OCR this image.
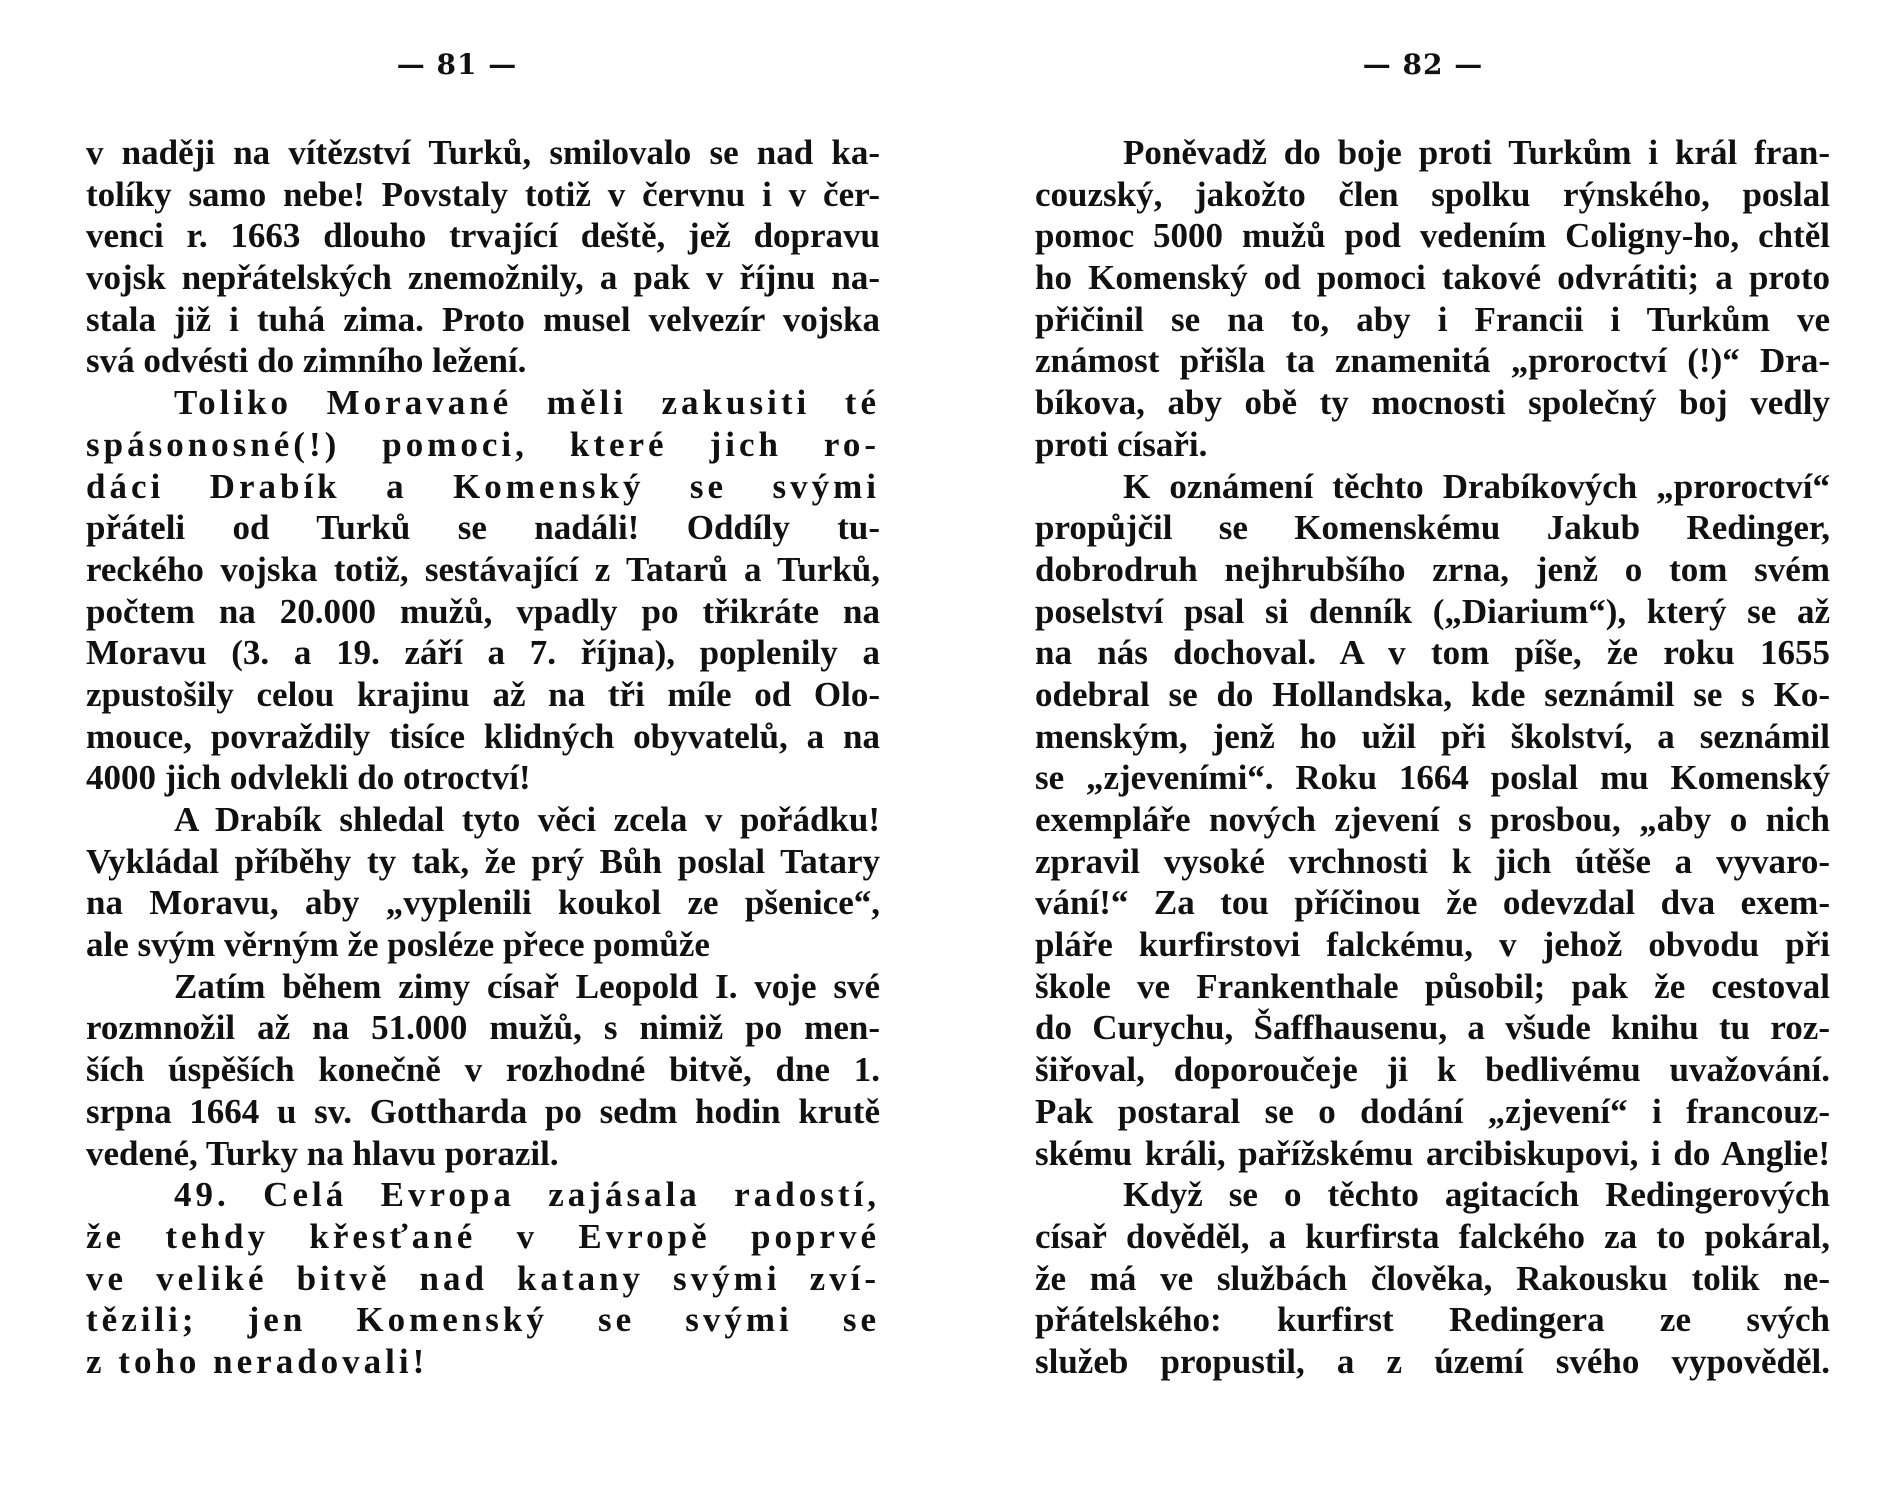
— 81 —
v naději na vítězství Turků, smilovalo se nad ka-
tolíky samo nebe! Povstaly totiž v červnu i v čer-
venci r. 1663 dlouho trvající deště, jež dopravu
vojsk nepřátelských znemožnily, a pak v říjnu na-
stala již i tuhá zima. Proto musel velvezír vojska
svá odvésti do zimního ležení.
Toliko Moravané měli zakusiti té
spásonosné(!) pomoci, které jich ro-
dáci Drabík a Komenský se svými
přáteli od Turků se nadáli! Oddíly tu-
reckého vojska totiž, sestávající z Tatarů a Turků,
počtem na 20.000 mužů, vpadly po třikráte na
Moravu (3. a 19. září a 7. října), poplenily a
zpustošily celou krajinu až na tři míle od Olo-
mouce, povraždily tisíce klidných obyvatelů, a na
4000 jich odvlekli do otroctví!
A Drabík shledal tyto věci zcela v pořádku!
Vykládal příběhy ty tak, že prý Bůh poslal Tatary
na Moravu, aby „vyplenili koukol ze pšenice“,
ale svým věrným že posléze přece pomůže
Zatím během zimy císař Leopold I. voje své
rozmnožil až na 51.000 mužů, s nimiž po men-
ších úspěších konečně v rozhodné bitvě, dne 1.
srpna 1664 u sv. Gottharda po sedm hodin krutě
vedené, Turky na hlavu porazil.
49. Celá Evropa zajásala radostí,
že tehdy křesťané v Evropě poprvé
ve veliké bitvě nad katany svými zví-
tězili; jen Komenský se svými se
z toho neradovali!
— 82 —
Poněvadž do boje proti Turkům i král fran-
couzský, jakožto člen spolku rýnského, poslal
pomoc 5000 mužů pod vedením Coligny-ho, chtěl
ho Komenský od pomoci takové odvrátiti; a proto
přičinil se na to, aby i Francii i Turkům ve
známost přišla ta znamenitá „proroctví (!)“ Dra-
bíkova, aby obě ty mocnosti společný boj vedly
proti císaři.
K oznámení těchto Drabíkových „proroctví“
propůjčil se Komenskému Jakub Redinger,
dobrodruh nejhrubšího zrna, jenž o tom svém
poselství psal si denník („Diarium“), který se až
na nás dochoval. A v tom píše, že roku 1655
odebral se do Hollandska, kde seznámil se s Ko-
menským, jenž ho užil při školství, a seznámil
se „zjeveními“. Roku 1664 poslal mu Komenský
exempláře nových zjevení s prosbou, „aby o nich
zpravil vysoké vrchnosti k jich útěše a vyvaro-
vání!“ Za tou příčinou že odevzdal dva exem-
pláře kurfirstovi falckému, v jehož obvodu při
škole ve Frankenthale působil; pak že cestoval
do Curychu, Šaffhausenu, a všude knihu tu roz-
šiřoval, doporoučeje ji k bedlivému uvažování.
Pak postaral se o dodání „zjevení“ i francouz-
skému králi, pařížskému arcibiskupovi, i do Anglie!
Když se o těchto agitacích Redingerových
císař dověděl, a kurfirsta falckého za to pokáral,
že má ve službách člověka, Rakousku tolik ne-
přátelského: kurfirst Redingera ze svých
služeb propustil, a z území svého vypověděl.
